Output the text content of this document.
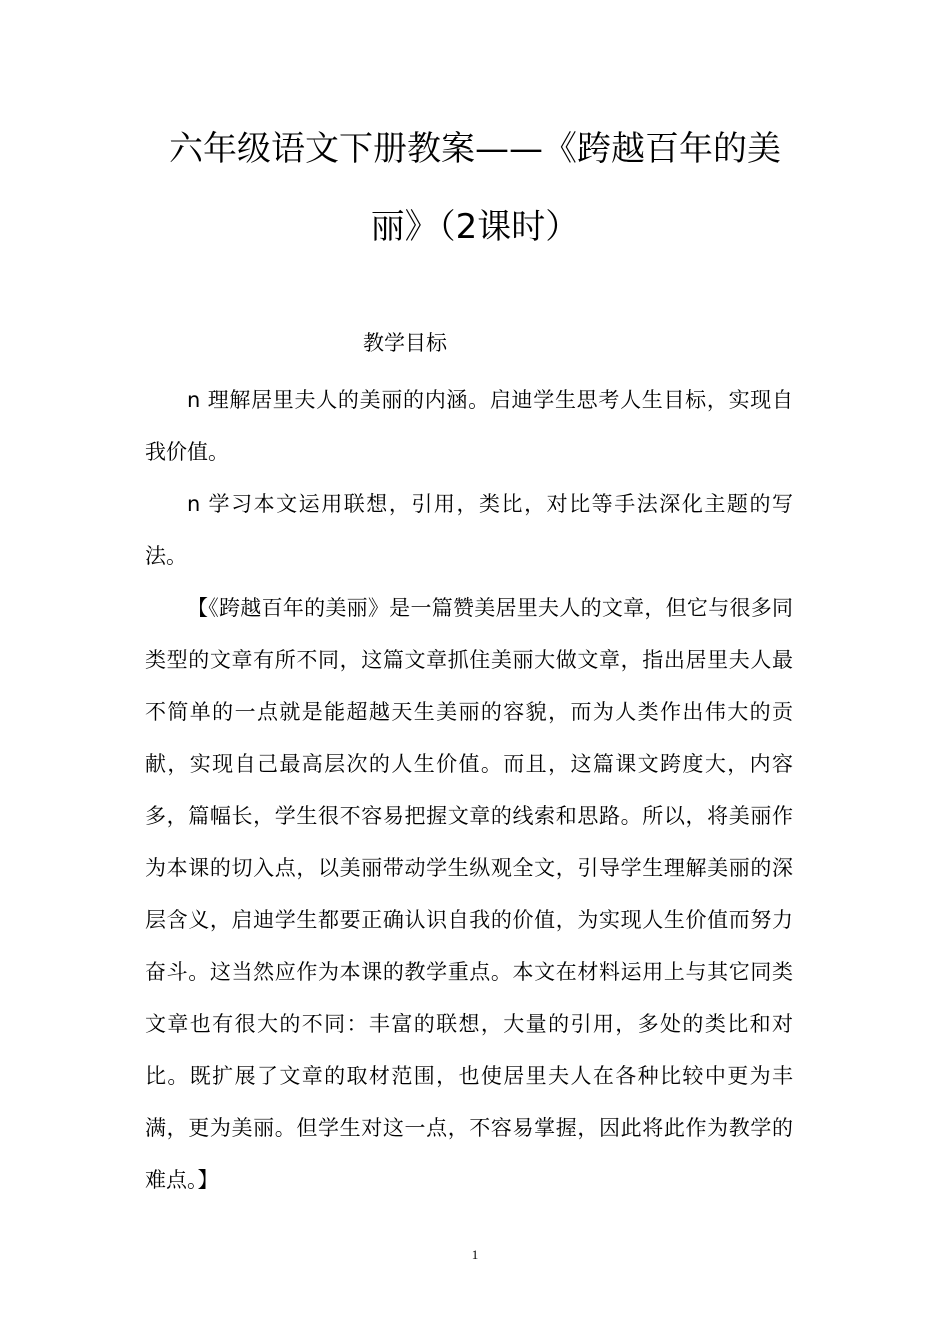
六年级语文下册教案——《跨越百年的美
丽》（2课时）
教学目标

n 理解居里夫人的美丽的内涵。启迪学生思考人生目标，实现自我价值。

n 学习本文运用联想，引用，类比，对比等手法深化主题的写法。

【《跨越百年的美丽》是一篇赞美居里夫人的文章，但它与很多同类型的文章有所不同，这篇文章抓住美丽大做文章，指出居里夫人最不简单的一点就是能超越天生美丽的容貌，而为人类作出伟大的贡献，实现自己最高层次的人生价值。而且，这篇课文跨度大，内容多，篇幅长，学生很不容易把握文章的线索和思路。所以，将美丽作为本课的切入点，以美丽带动学生纵观全文，引导学生理解美丽的深层含义，启迪学生都要正确认识自我的价值，为实现人生价值而努力奋斗。这当然应作为本课的教学重点。本文在材料运用上与其它同类文章也有很大的不同：丰富的联想，大量的引用，多处的类比和对比。既扩展了文章的取材范围，也使居里夫人在各种比较中更为丰满，更为美丽。但学生对这一点，不容易掌握，因此将此作为教学的难点。】

1
